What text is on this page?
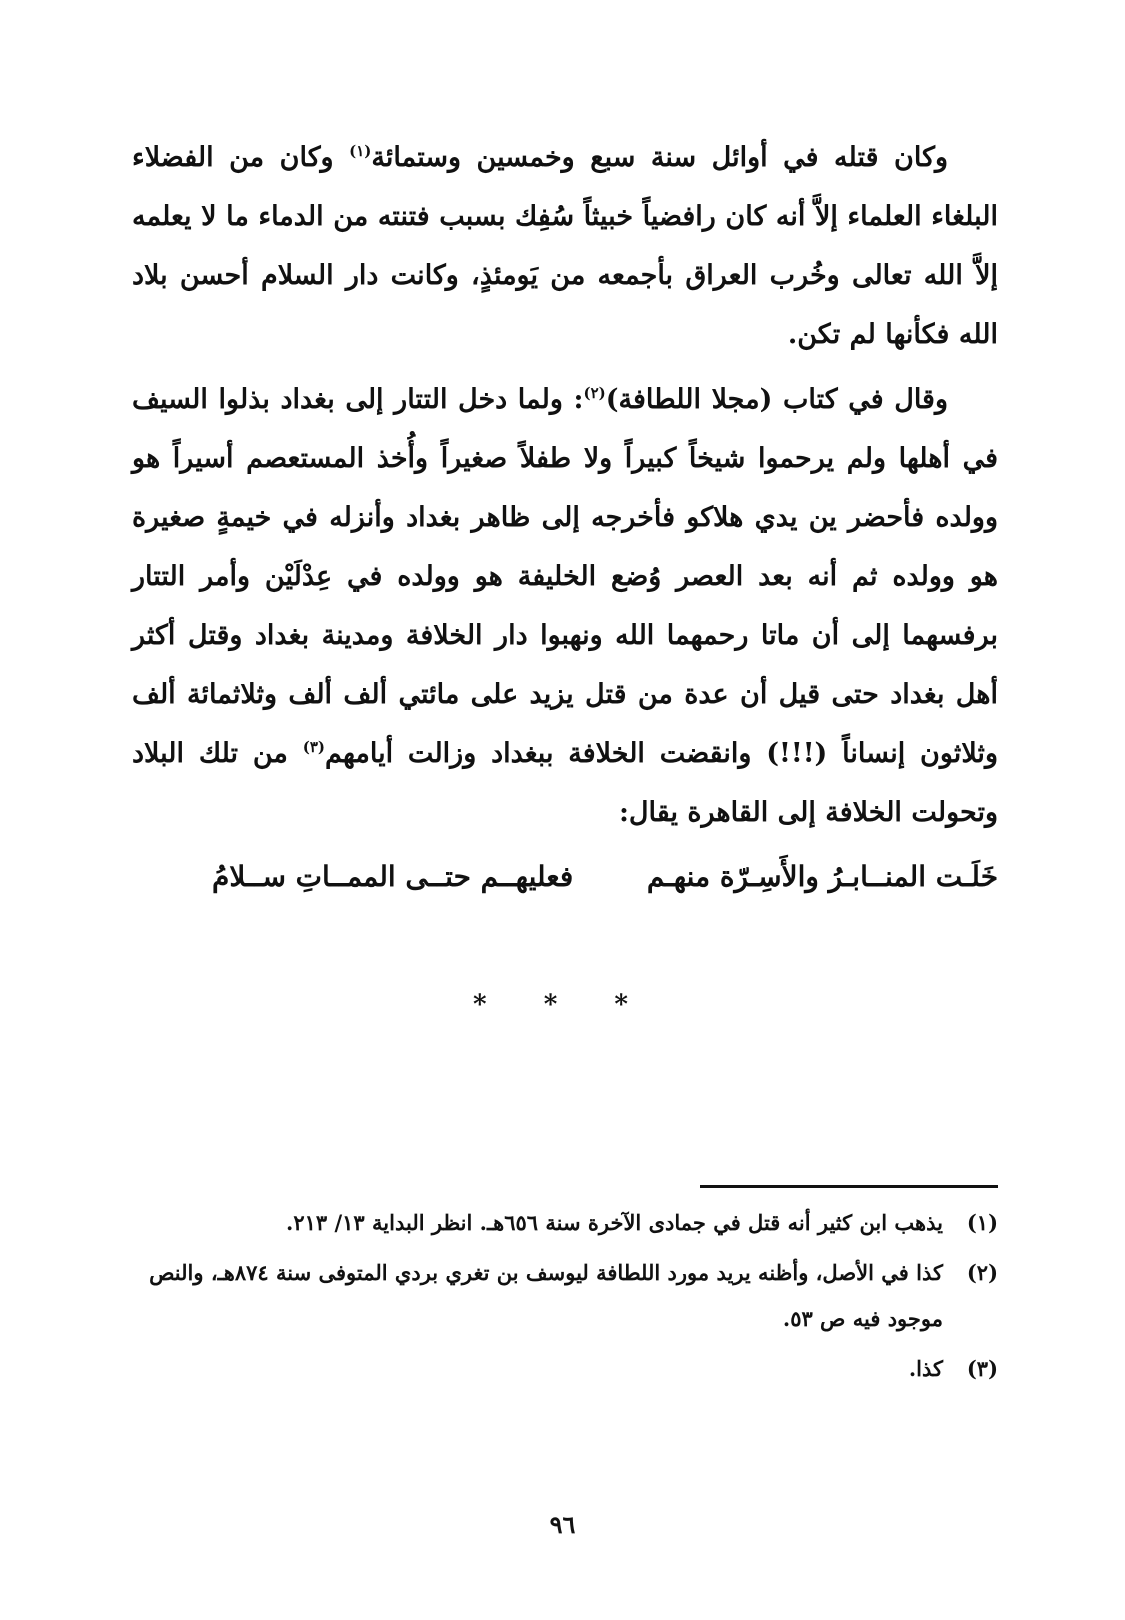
وكان قتله في أوائل سنة سبع وخمسين وستمائة$^{(١)}$ وكان من الفضلاء البلغاء العلماء إلاَّ أنه كان رافضياً خبيثاً سُفِك بسبب فتنته من الدماء ما لا يعلمه إلاَّ الله تعالى وخُرب العراق بأجمعه من يَومئذٍ، وكانت دار السلام أحسن بلاد الله فكأنها لم تكن.

وقال في كتاب (مجلا اللطافة)$^{(٢)}$: ولما دخل التتار إلى بغداد بذلوا السيف في أهلها ولم يرحموا شيخاً كبيراً ولا طفلاً صغيراً وأُخذ المستعصم أسيراً هو وولده فأحضر ين يدي هلاكو فأخرجه إلى ظاهر بغداد وأنزله في خيمةٍ صغيرة هو وولده ثم أنه بعد العصر وُضع الخليفة هو وولده في عِدْلَيْن وأمر التتار برفسهما إلى أن ماتا رحمهما الله ونهبوا دار الخلافة ومدينة بغداد وقتل أكثر أهل بغداد حتى قيل أن عدة من قتل يزيد على مائتي ألف ألف وثلاثمائة ألف وثلاثون إنساناً (!!!) وانقضت الخلافة ببغداد وزالت أيامهم$^{(٣)}$ من تلك البلاد وتحولت الخلافة إلى القاهرة يقال:

خَلَـت المنــابـرُ والأَسِـرّة منهـم
فعليهــم حتــى الممــاتِ ســلامُ
* * *
(١)
يذهب ابن كثير أنه قتل في جمادى الآخرة سنة ٦٥٦هـ. انظر البداية ١٣/ ٢١٣.
(٢)
كذا في الأصل، وأظنه يريد مورد اللطافة ليوسف بن تغري بردي المتوفى سنة ٨٧٤هـ، والنص موجود فيه ص ٥٣.
(٣)
كذا.
٩٦
